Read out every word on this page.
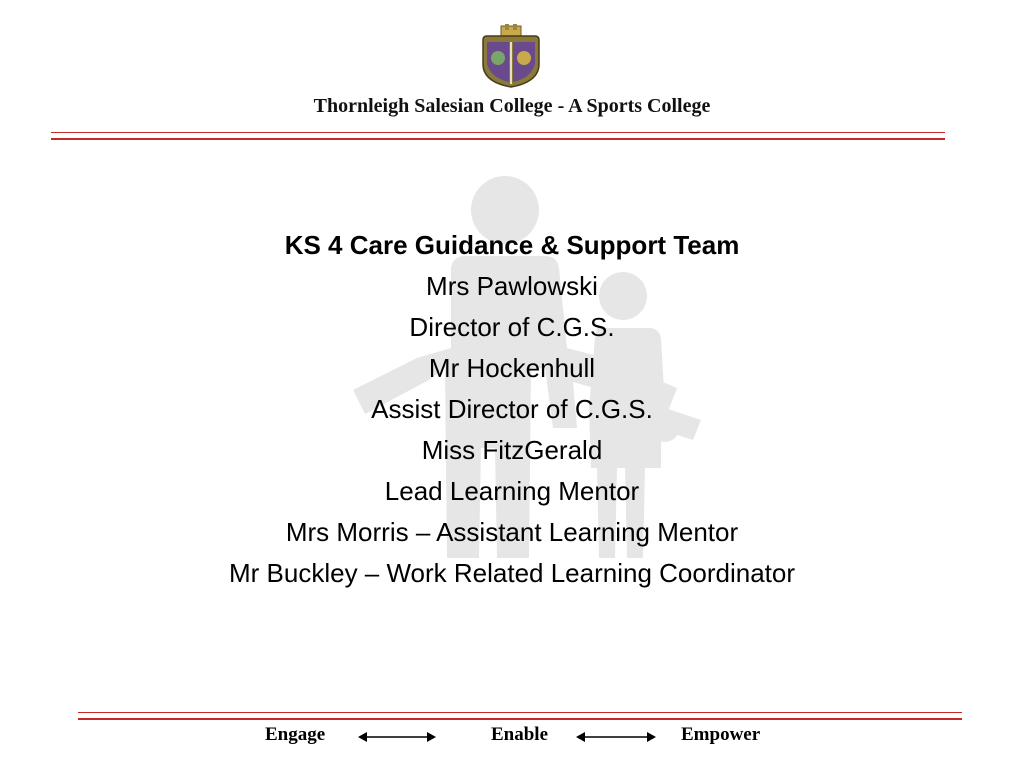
Thornleigh Salesian College - A Sports College
KS 4 Care Guidance & Support Team
Mrs Pawlowski
Director of C.G.S.
Mr Hockenhull
Assist Director of C.G.S.
Miss FitzGerald
Lead Learning Mentor
Mrs Morris – Assistant Learning Mentor
Mr Buckley – Work Related Learning Coordinator
Engage	Enable	Empower
